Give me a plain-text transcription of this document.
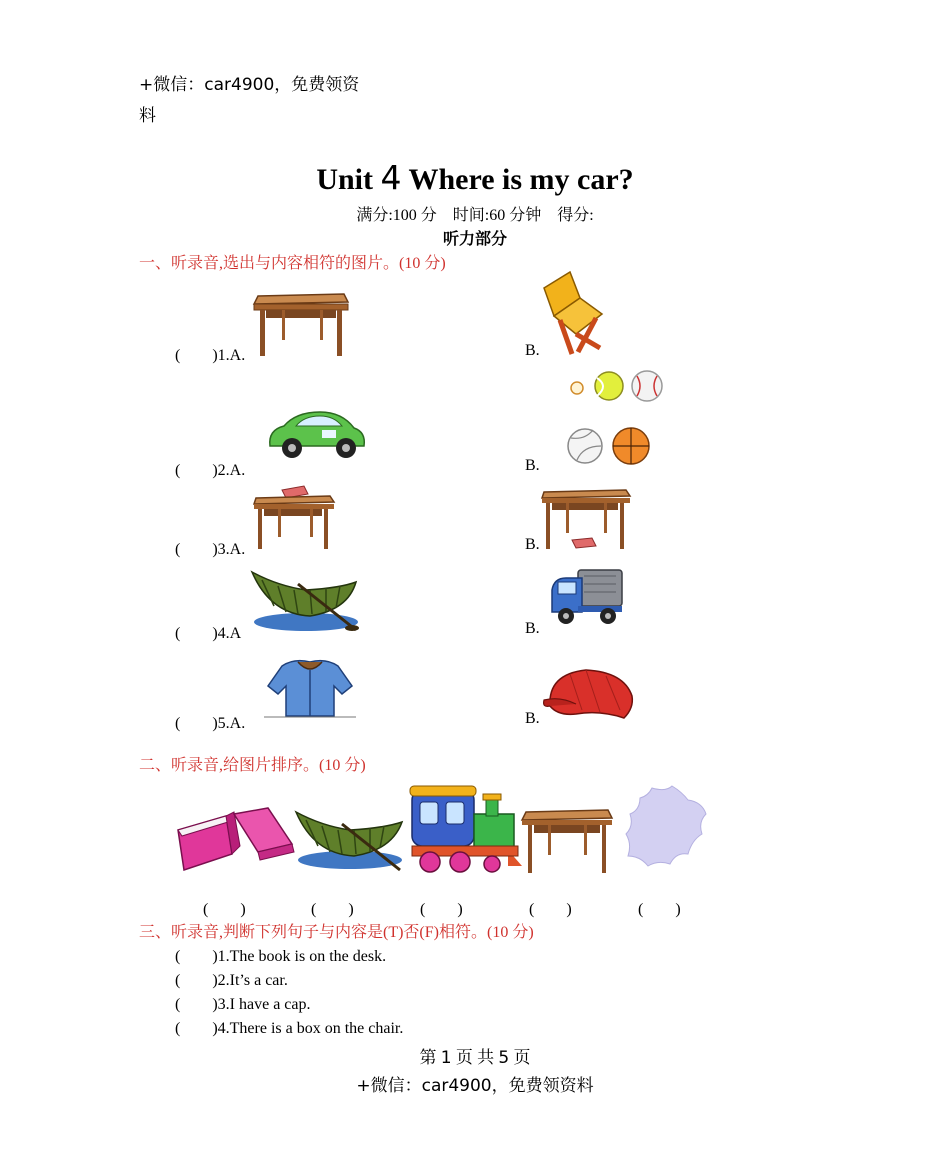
+微信：car4900，免费领资
料
Unit 4 Where is my car?
满分:100 分　时间:60 分钟　得分:
听力部分
一、听录音,选出与内容相符的图片。(10 分)
(　　)1.A.	B.
(　　)2.A.	B.
(　　)3.A.	B.
(　　)4.A	B.
(　　)5.A.	B.
二、听录音,给图片排序。(10 分)
(　　)	(　　)	(　　)	(　　)	(　　)
三、听录音,判断下列句子与内容是(T)否(F)相符。(10 分)
(　　)1.The book is on the desk.
(　　)2.It’s a car.
(　　)3.I have a cap.
(　　)4.There is a box on the chair.
第 1 页 共 5 页
+微信：car4900，免费领资料
